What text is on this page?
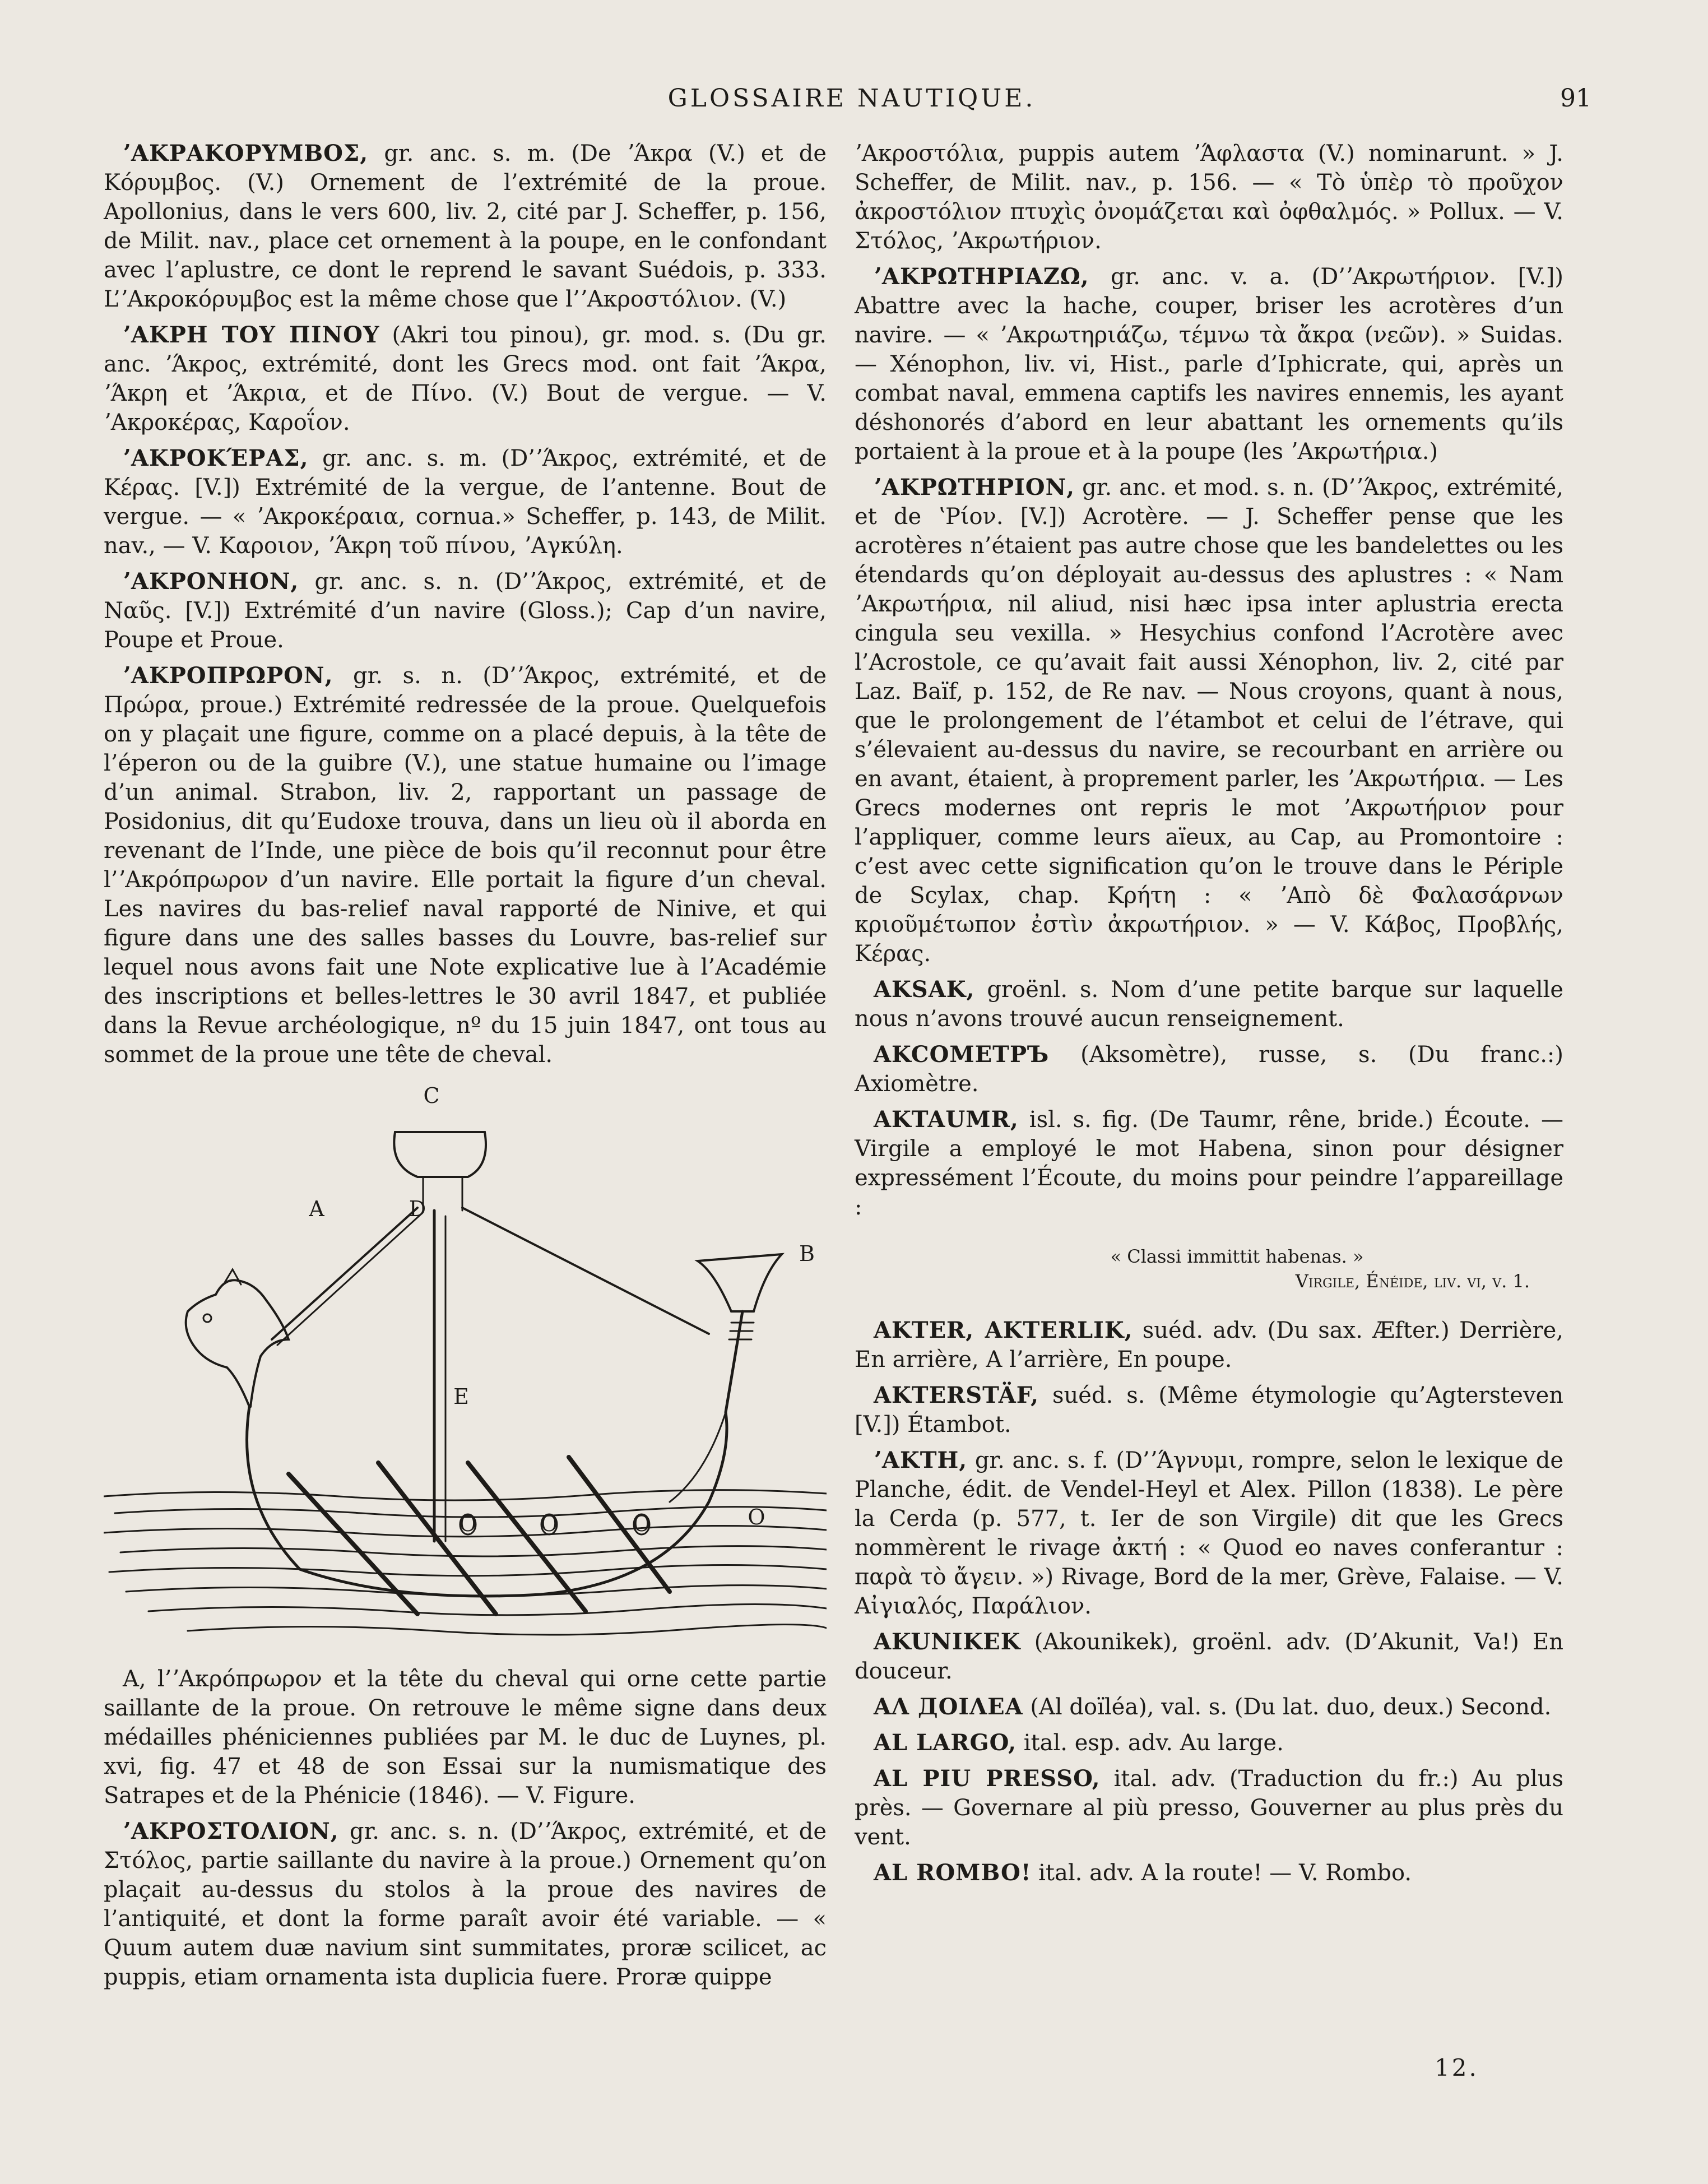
GLOSSAIRE NAUTIQUE.	91

ʼΑΚΡΑΚΟΡΥΜΒΟΣ, gr. anc. s. m. (De ʼΆκρα (V.) et de Κόρυμβος. (V.) Ornement de l’extrémité de la proue. Apollonius, dans le vers 600, liv. 2, cité par J. Scheffer, p. 156, de Milit. nav., place cet ornement à la poupe, en le confondant avec l’aplustre, ce dont le reprend le savant Suédois, p. 333. L’ʼΑκροκόρυμβος est la même chose que l’ʼΑκροστόλιον. (V.)

ʼΑΚΡΗ ΤΟΥ ΠΙΝΟΥ (Akri tou pinou), gr. mod. s. (Du gr. anc. ʼΆκρος, extrémité, dont les Grecs mod. ont fait ʼΆκρα, ʼΆκρη et ʼΆκρια, et de Πίνο. (V.) Bout de vergue. — V. ʼΑκροκέρας, Καροΐον.

ʼΑΚΡΟΚΈΡΑΣ, gr. anc. s. m. (D’ʼΆκρος, extrémité, et de Κέρας. [V.]) Extrémité de la vergue, de l’antenne. Bout de vergue. — « ʼΑκροκέραια, cornua.» Scheffer, p. 143, de Milit. nav., — V. Καροιον, ʼΆκρη τοῦ πίνου, ʼΑγκύλη.

ʼΑΚΡΟΝΗΟΝ, gr. anc. s. n. (D’ʼΆκρος, extrémité, et de Ναῦς. [V.]) Extrémité d’un navire (Gloss.); Cap d’un navire, Poupe et Proue.

ʼΑΚΡΟΠΡΩΡΟΝ, gr. s. n. (D’ʼΆκρος, extrémité, et de Πρώρα, proue.) Extrémité redressée de la proue. Quelquefois on y plaçait une figure, comme on a placé depuis, à la tête de l’éperon ou de la guibre (V.), une statue humaine ou l’image d’un animal. Strabon, liv. 2, rapportant un passage de Posidonius, dit qu’Eudoxe trouva, dans un lieu où il aborda en revenant de l’Inde, une pièce de bois qu’il reconnut pour être l’ʼΑκρόπρωρον d’un navire. Elle portait la figure d’un cheval. Les navires du bas-relief naval rapporté de Ninive, et qui figure dans une des salles basses du Louvre, bas-relief sur lequel nous avons fait une Note explicative lue à l’Académie des inscriptions et belles-lettres le 30 avril 1847, et publiée dans la Revue archéologique, nº du 15 juin 1847, ont tous au sommet de la proue une tête de cheval.

C
A	D
B
E
O	O	O	O

A, l’ʼΑκρόπρωρον et la tête du cheval qui orne cette partie saillante de la proue. On retrouve le même signe dans deux médailles phéniciennes publiées par M. le duc de Luynes, pl. xvi, fig. 47 et 48 de son Essai sur la numismatique des Satrapes et de la Phénicie (1846). — V. Figure.

ʼΑΚΡΟΣΤΟΛΙΟΝ, gr. anc. s. n. (D’ʼΆκρος, extrémité, et de Στόλος, partie saillante du navire à la proue.) Ornement qu’on plaçait au-dessus du stolos à la proue des navires de l’antiquité, et dont la forme paraît avoir été variable. — « Quum autem duæ navium sint summitates, proræ scilicet, ac puppis, etiam ornamenta ista duplicia fuere. Proræ quippe

ʼΑκροστόλια, puppis autem ʼΆφλαστα (V.) nominarunt. » J. Scheffer, de Milit. nav., p. 156. — « Τὸ ὑπὲρ τὸ προῦχον ἀκροστόλιον πτυχὶς ὀνομάζεται καὶ ὀφθαλμός. » Pollux. — V. Στόλος, ʼΑκρωτήριον.

ʼΑΚΡΩΤΗΡΙΑΖΩ, gr. anc. v. a. (D’ʼΑκρωτήριον. [V.]) Abattre avec la hache, couper, briser les acrotères d’un navire. — « ʼΑκρωτηριάζω, τέμνω τὰ ἄκρα (νεῶν). » Suidas. — Xénophon, liv. vi, Hist., parle d’Iphicrate, qui, après un combat naval, emmena captifs les navires ennemis, les ayant déshonorés d’abord en leur abattant les ornements qu’ils portaient à la proue et à la poupe (les ʼΑκρωτήρια.)

ʼΑΚΡΩΤΗΡΙΟΝ, gr. anc. et mod. s. n. (D’ʼΆκρος, extrémité, et de ʽΡίον. [V.]) Acrotère. — J. Scheffer pense que les acrotères n’étaient pas autre chose que les bandelettes ou les étendards qu’on déployait au-dessus des aplustres : « Nam ʼΑκρωτήρια, nil aliud, nisi hæc ipsa inter aplustria erecta cingula seu vexilla. » Hesychius confond l’Acrotère avec l’Acrostole, ce qu’avait fait aussi Xénophon, liv. 2, cité par Laz. Baïf, p. 152, de Re nav. — Nous croyons, quant à nous, que le prolongement de l’étambot et celui de l’étrave, qui s’élevaient au-dessus du navire, se recourbant en arrière ou en avant, étaient, à proprement parler, les ʼΑκρωτήρια. — Les Grecs modernes ont repris le mot ʼΑκρωτήριον pour l’appliquer, comme leurs aïeux, au Cap, au Promontoire : c’est avec cette signification qu’on le trouve dans le Périple de Scylax, chap. Κρήτη : « ʼΑπὸ δὲ Φαλασάρνων κριοῦμέτωπον ἐστὶν ἀκρωτήριον. » — V. Κάβος, Προβλής, Κέρας.

AKSAK, groënl. s. Nom d’une petite barque sur laquelle nous n’avons trouvé aucun renseignement.

AKCOMETPЪ (Aksomètre), russe, s. (Du franc.:) Axiomètre.

AKTAUMR, isl. s. fig. (De Taumr, rêne, bride.) Écoute. — Virgile a employé le mot Habena, sinon pour désigner expressément l’Écoute, du moins pour peindre l’appareillage :

« Classi immittit habenas. »
Virgile, Énéide, liv. vi, v. 1.

AKTER, AKTERLIK, suéd. adv. (Du sax. Æfter.) Derrière, En arrière, A l’arrière, En poupe.

AKTERSTÄF, suéd. s. (Même étymologie qu’Agtersteven [V.]) Étambot.

ʼΑΚΤΗ, gr. anc. s. f. (D’ʼΆγνυμι, rompre, selon le lexique de Planche, édit. de Vendel-Heyl et Alex. Pillon (1838). Le père la Cerda (p. 577, t. Ier de son Virgile) dit que les Grecs nommèrent le rivage ἀκτή : « Quod eo naves conferantur : παρὰ τὸ ἄγειν. ») Rivage, Bord de la mer, Grève, Falaise. — V. Αἰγιαλός, Παράλιον.

AKUNIKEK (Akounikek), groënl. adv. (D’Akunit, Va!) En douceur.

AΛ ДOIΛEA (Al doïléa), val. s. (Du lat. duo, deux.) Second.

AL LARGO, ital. esp. adv. Au large.

AL PIU PRESSO, ital. adv. (Traduction du fr.:) Au plus près. — Governare al più presso, Gouverner au plus près du vent.

AL ROMBO! ital. adv. A la route! — V. Rombo.

12.
